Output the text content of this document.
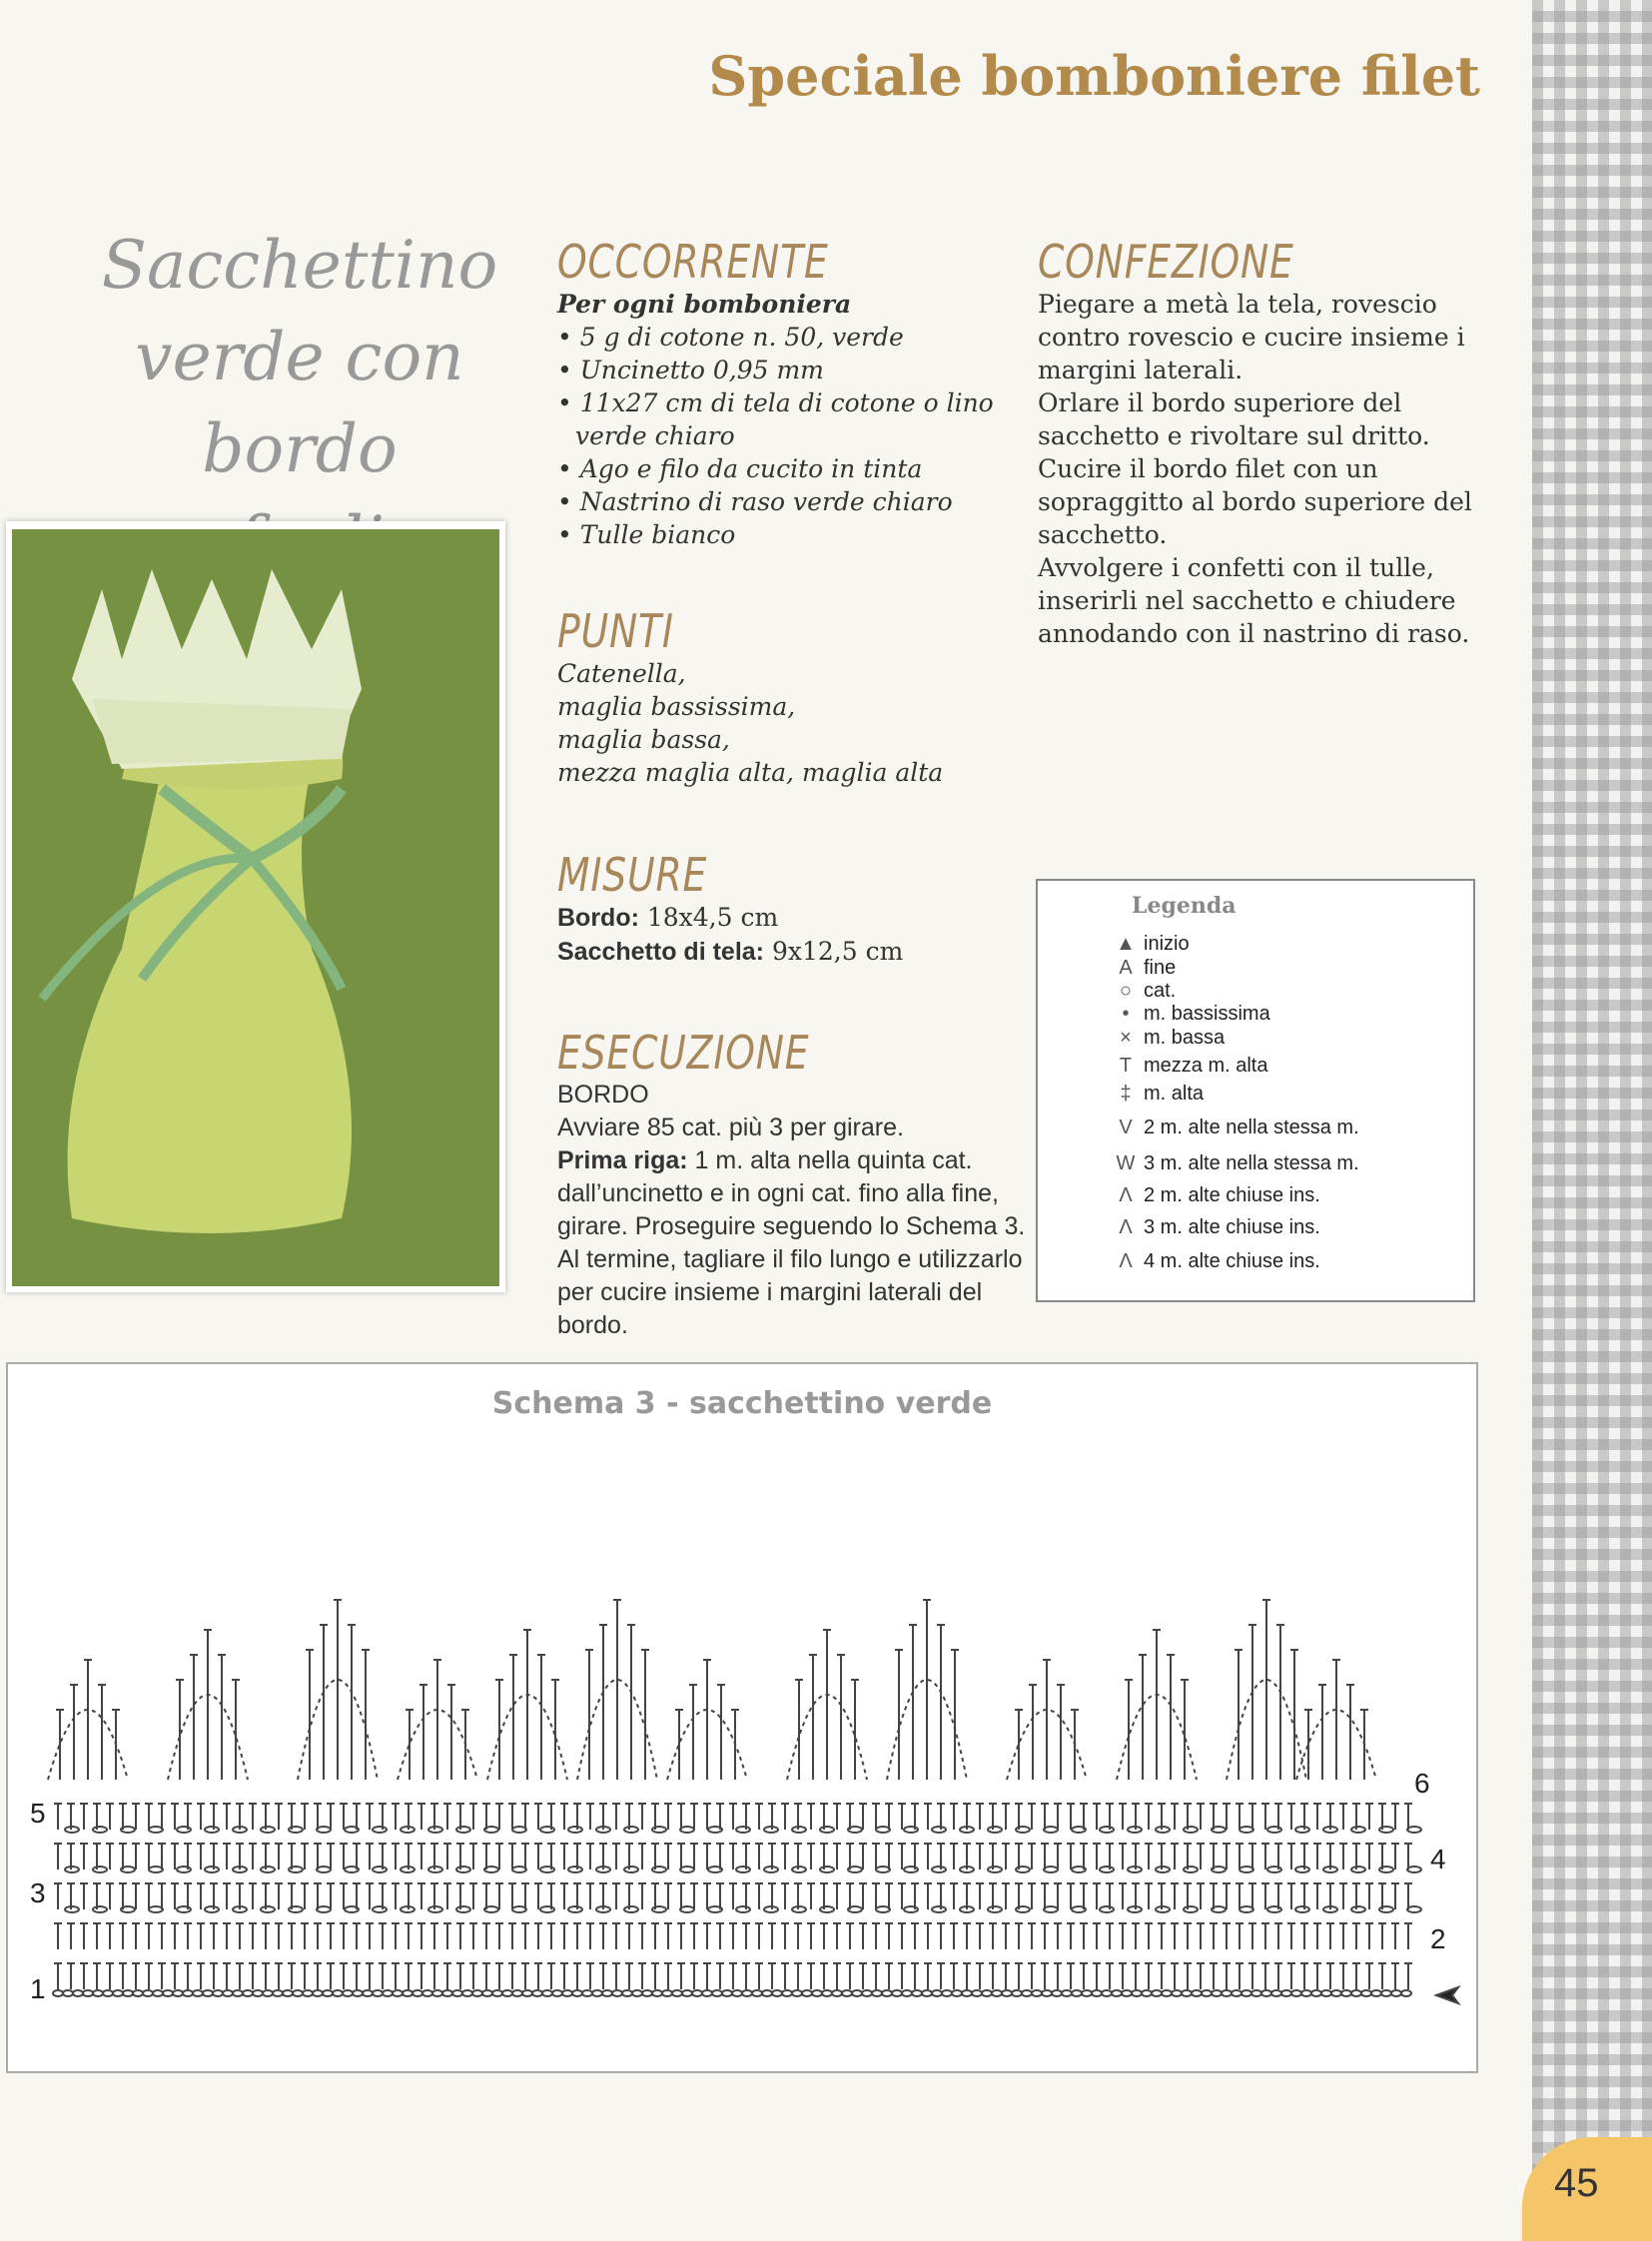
Speciale bomboniere filet
Sacchettino
verde con bordo
OCCORRENTE

Per ogni bomboniera

• 5 g di cotone n. 50, verde
• Uncinetto 0,95 mm
• 11x27 cm di tela di cotone o lino verde chiaro
• Ago e filo da cucito in tinta
• Nastrino di raso verde chiaro
• Tulle bianco
PUNTI

Catenella,

maglia bassissima,

maglia bassa,

mezza maglia alta, maglia alta

MISURE

Bordo: 18x4,5 cm

Sacchetto di tela: 9x12,5 cm

ESECUZIONE

BORDO

Avviare 85 cat. più 3 per girare.

Prima riga: 1 m. alta nella quinta cat. dall’uncinetto e in ogni cat. fino alla fine, girare. Proseguire seguendo lo Schema 3. Al termine, tagliare il filo lungo e utilizzarlo per cucire insieme i margini laterali del bordo.

CONFEZIONE

Piegare a metà la tela, rovescio contro rovescio e cucire insieme i margini laterali.

Orlare il bordo superiore del sacchetto e rivoltare sul dritto.

Cucire il bordo filet con un sopraggitto al bordo superiore del sacchetto.

Avvolgere i confetti con il tulle, inserirli nel sacchetto e chiudere annodando con il nastrino di raso.

Legenda
▲ inizio
A fine
○ cat.
• m. bassissima
× m. bassa
T mezza m. alta
‡ m. alta
V 2 m. alte nella stessa m.
W 3 m. alte nella stessa m.
Λ 2 m. alte chiuse ins.
Λ 3 m. alte chiuse ins.
Λ 4 m. alte chiuse ins.
Schema 3 - sacchettino verde
1
2
3
4
5
6
45
